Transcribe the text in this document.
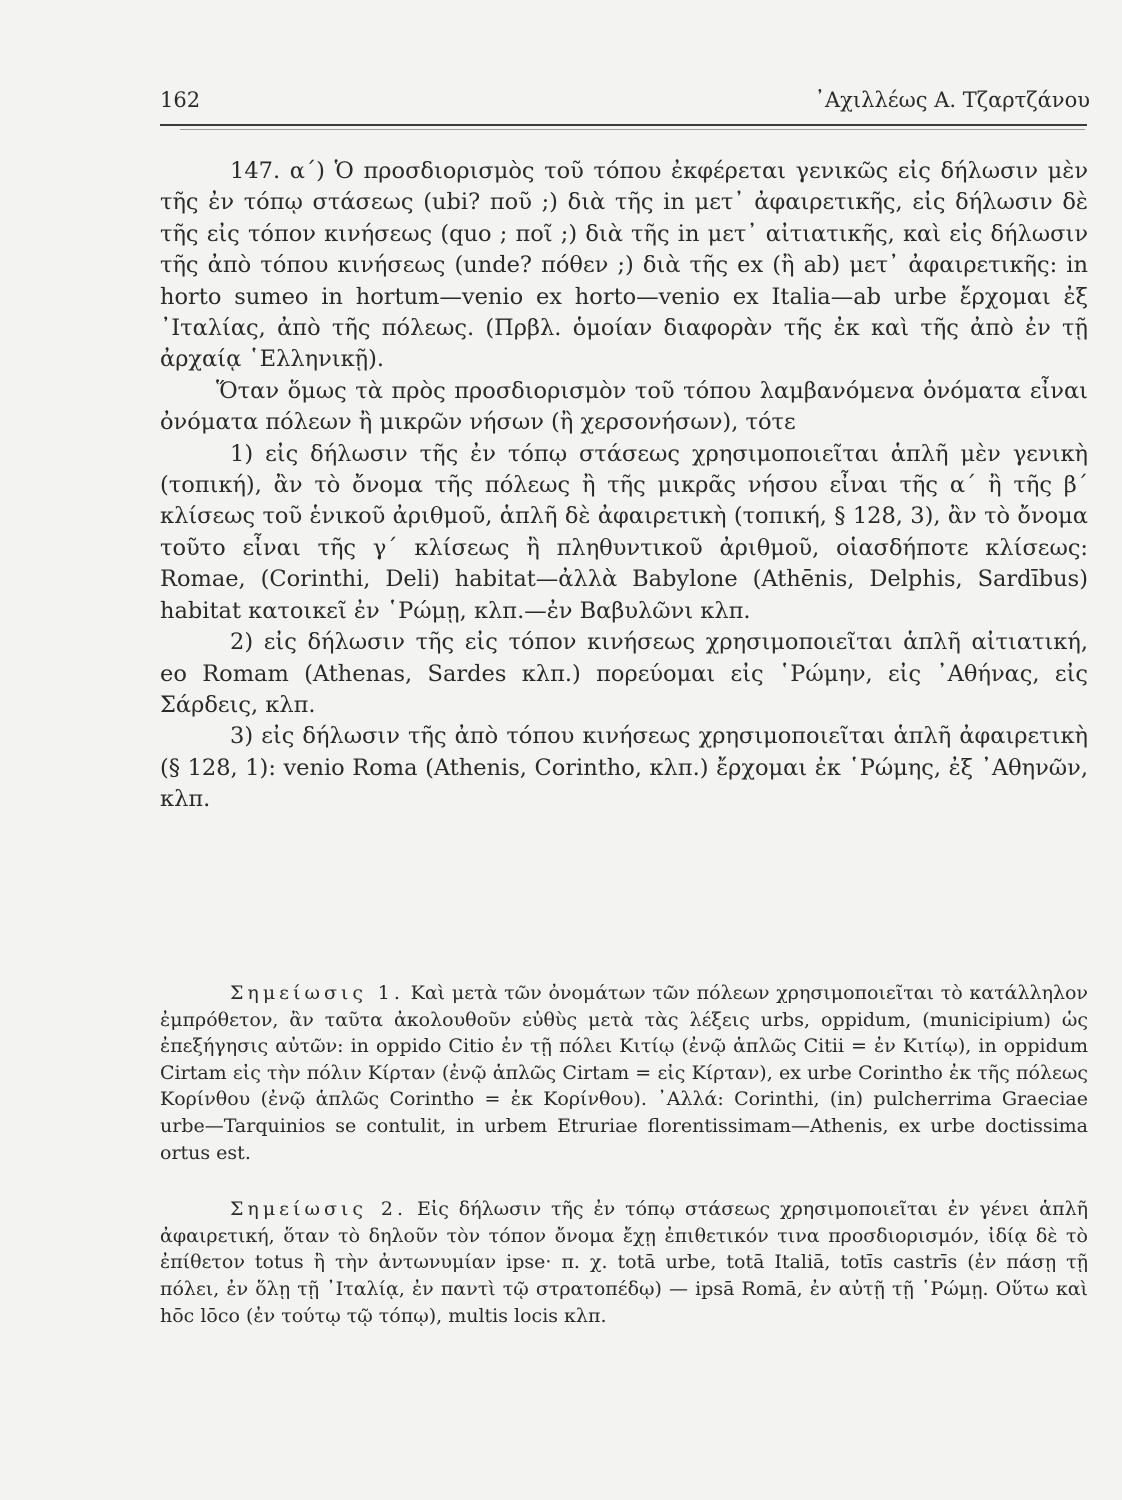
162	᾿Αχιλλέως Α. Τζαρτζάνου

147. α΄) Ὁ προσδιορισμὸς τοῦ τόπου ἐκφέρεται γενικῶς εἰς δήλωσιν μὲν τῆς ἐν τόπῳ στάσεως (ubi? ποῦ ;) διὰ τῆς in μετ᾿ ἀφαιρετικῆς, εἰς δήλωσιν δὲ τῆς εἰς τόπον κινήσεως (quo ; ποῖ ;) διὰ τῆς in μετ᾿ αἰτιατικῆς, καὶ εἰς δήλωσιν τῆς ἀπὸ τόπου κινήσεως (unde? πόθεν ;) διὰ τῆς ex (ἢ ab) μετ᾿ ἀφαιρετικῆς: in horto sumeo in hortum—venio ex horto—venio ex Italia—ab urbe ἔρχομαι ἐξ ᾿Ιταλίας, ἀπὸ τῆς πόλεως. (Πρβλ. ὁμοίαν διαφορὰν τῆς ἐκ καὶ τῆς ἀπὸ ἐν τῇ ἀρχαίᾳ ῾Ελληνικῇ).

Ὅταν ὅμως τὰ πρὸς προσδιορισμὸν τοῦ τόπου λαμβανόμενα ὀνόματα εἶναι ὀνόματα πόλεων ἢ μικρῶν νήσων (ἢ χερσονήσων), τότε

1) εἰς δήλωσιν τῆς ἐν τόπῳ στάσεως χρησιμοποιεῖται ἁπλῆ μὲν γενικὴ (τοπική), ἂν τὸ ὄνομα τῆς πόλεως ἢ τῆς μικρᾶς νήσου εἶναι τῆς α΄ ἢ τῆς β΄ κλίσεως τοῦ ἑνικοῦ ἀριθμοῦ, ἁπλῆ δὲ ἀφαιρετικὴ (τοπική, § 128, 3), ἂν τὸ ὄνομα τοῦτο εἶναι τῆς γ΄ κλίσεως ἢ πληθυντικοῦ ἀριθμοῦ, οἱασδήποτε κλίσεως: Romae, (Corinthi, Deli) habitat—ἀλλὰ Babylone (Athēnis, Delphis, Sardībus) habitat κατοικεῖ ἐν ῾Ρώμῃ, κλπ.—ἐν Βαβυλῶνι κλπ.

2) εἰς δήλωσιν τῆς εἰς τόπον κινήσεως χρησιμοποιεῖται ἁπλῆ αἰτιατική, eo Romam (Athenas, Sardes κλπ.) πορεύομαι εἰς ῾Ρώμην, εἰς ᾿Αθήνας, εἰς Σάρδεις, κλπ.

3) εἰς δήλωσιν τῆς ἀπὸ τόπου κινήσεως χρησιμοποιεῖται ἁπλῆ ἀφαιρετικὴ (§ 128, 1): venio Roma (Athenis, Corintho, κλπ.) ἔρχομαι ἐκ ῾Ρώμης, ἐξ ᾿Αθηνῶν, κλπ.

Σημείωσις 1. Καὶ μετὰ τῶν ὀνομάτων τῶν πόλεων χρησιμοποιεῖται τὸ κατάλληλον ἐμπρόθετον, ἂν ταῦτα ἀκολουθοῦν εὐθὺς μετὰ τὰς λέξεις urbs, oppidum, (municipium) ὡς ἐπεξήγησις αὐτῶν: in oppido Citio ἐν τῇ πόλει Κιτίῳ (ἐνῷ ἁπλῶς Citii = ἐν Κιτίῳ), in oppidum Cirtam εἰς τὴν πόλιν Κίρταν (ἐνῷ ἁπλῶς Cirtam = εἰς Κίρταν), ex urbe Corintho ἐκ τῆς πόλεως Κορίνθου (ἐνῷ ἁπλῶς Corintho = ἐκ Κορίνθου). ᾿Αλλά: Corinthi, (in) pulcherrima Graeciae urbe—Tarquinios se contulit, in urbem Etruriae florentissimam—Athenis, ex urbe doctissima ortus est.

Σημείωσις 2. Εἰς δήλωσιν τῆς ἐν τόπῳ στάσεως χρησιμοποιεῖται ἐν γένει ἁπλῆ ἀφαιρετική, ὅταν τὸ δηλοῦν τὸν τόπον ὄνομα ἔχῃ ἐπιθετικόν τινα προσδιορισμόν, ἰδίᾳ δὲ τὸ ἐπίθετον totus ἢ τὴν ἀντωνυμίαν ipse· π. χ. totā urbe, totā Italiā, totīs castrīs (ἐν πάσῃ τῇ πόλει, ἐν ὅλῃ τῇ ᾿Ιταλίᾳ, ἐν παντὶ τῷ στρατοπέδῳ) — ipsā Romā, ἐν αὐτῇ τῇ ῾Ρώμῃ. Οὕτω καὶ hōc lōco (ἐν τούτῳ τῷ τόπῳ), multis locis κλπ.
